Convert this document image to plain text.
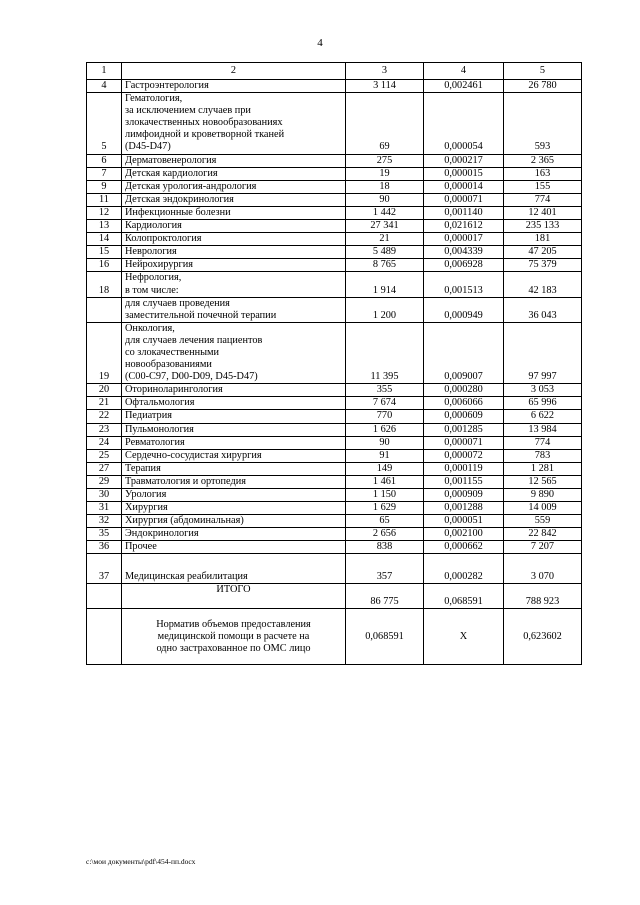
4
1	2	3	4	5
4	Гастроэнтерология	3 114	0,002461	26 780
5	Гематология,
за исключением случаев при
злокачественных новообразованиях
лимфоидной и кроветворной тканей
(D45-D47)	69	0,000054	593
6	Дерматовенерология	275	0,000217	2 365
7	Детская кардиология	19	0,000015	163
9	Детская урология-андрология	18	0,000014	155
11	Детская эндокринология	90	0,000071	774
12	Инфекционные болезни	1 442	0,001140	12 401
13	Кардиология	27 341	0,021612	235 133
14	Колопроктология	21	0,000017	181
15	Неврология	5 489	0,004339	47 205
16	Нейрохирургия	8 765	0,006928	75 379
18	Нефрология,
в том числе:	1 914	0,001513	42 183
	для случаев проведения
заместительной почечной терапии	1 200	0,000949	36 043
19	Онкология,
для случаев лечения пациентов
со злокачественными
новообразованиями
(C00-C97, D00-D09, D45-D47)	11 395	0,009007	97 997
20	Оториноларингология	355	0,000280	3 053
21	Офтальмология	7 674	0,006066	65 996
22	Педиатрия	770	0,000609	6 622
23	Пульмонология	1 626	0,001285	13 984
24	Ревматология	90	0,000071	774
25	Сердечно-сосудистая хирургия	91	0,000072	783
27	Терапия	149	0,000119	1 281
29	Травматология и ортопедия	1 461	0,001155	12 565
30	Урология	1 150	0,000909	9 890
31	Хирургия	1 629	0,001288	14 009
32	Хирургия (абдоминальная)	65	0,000051	559
35	Эндокринология	2 656	0,002100	22 842
36	Прочее	838	0,000662	7 207
37	Медицинская реабилитация	357	0,000282	3 070
	ИТОГО	86 775	0,068591	788 923
	Норматив объемов предоставления
медицинской помощи в расчете на
одно застрахованное по ОМС лицо	0,068591	Х	0,623602
c:\мои документы\pdf\454-пп.docx
